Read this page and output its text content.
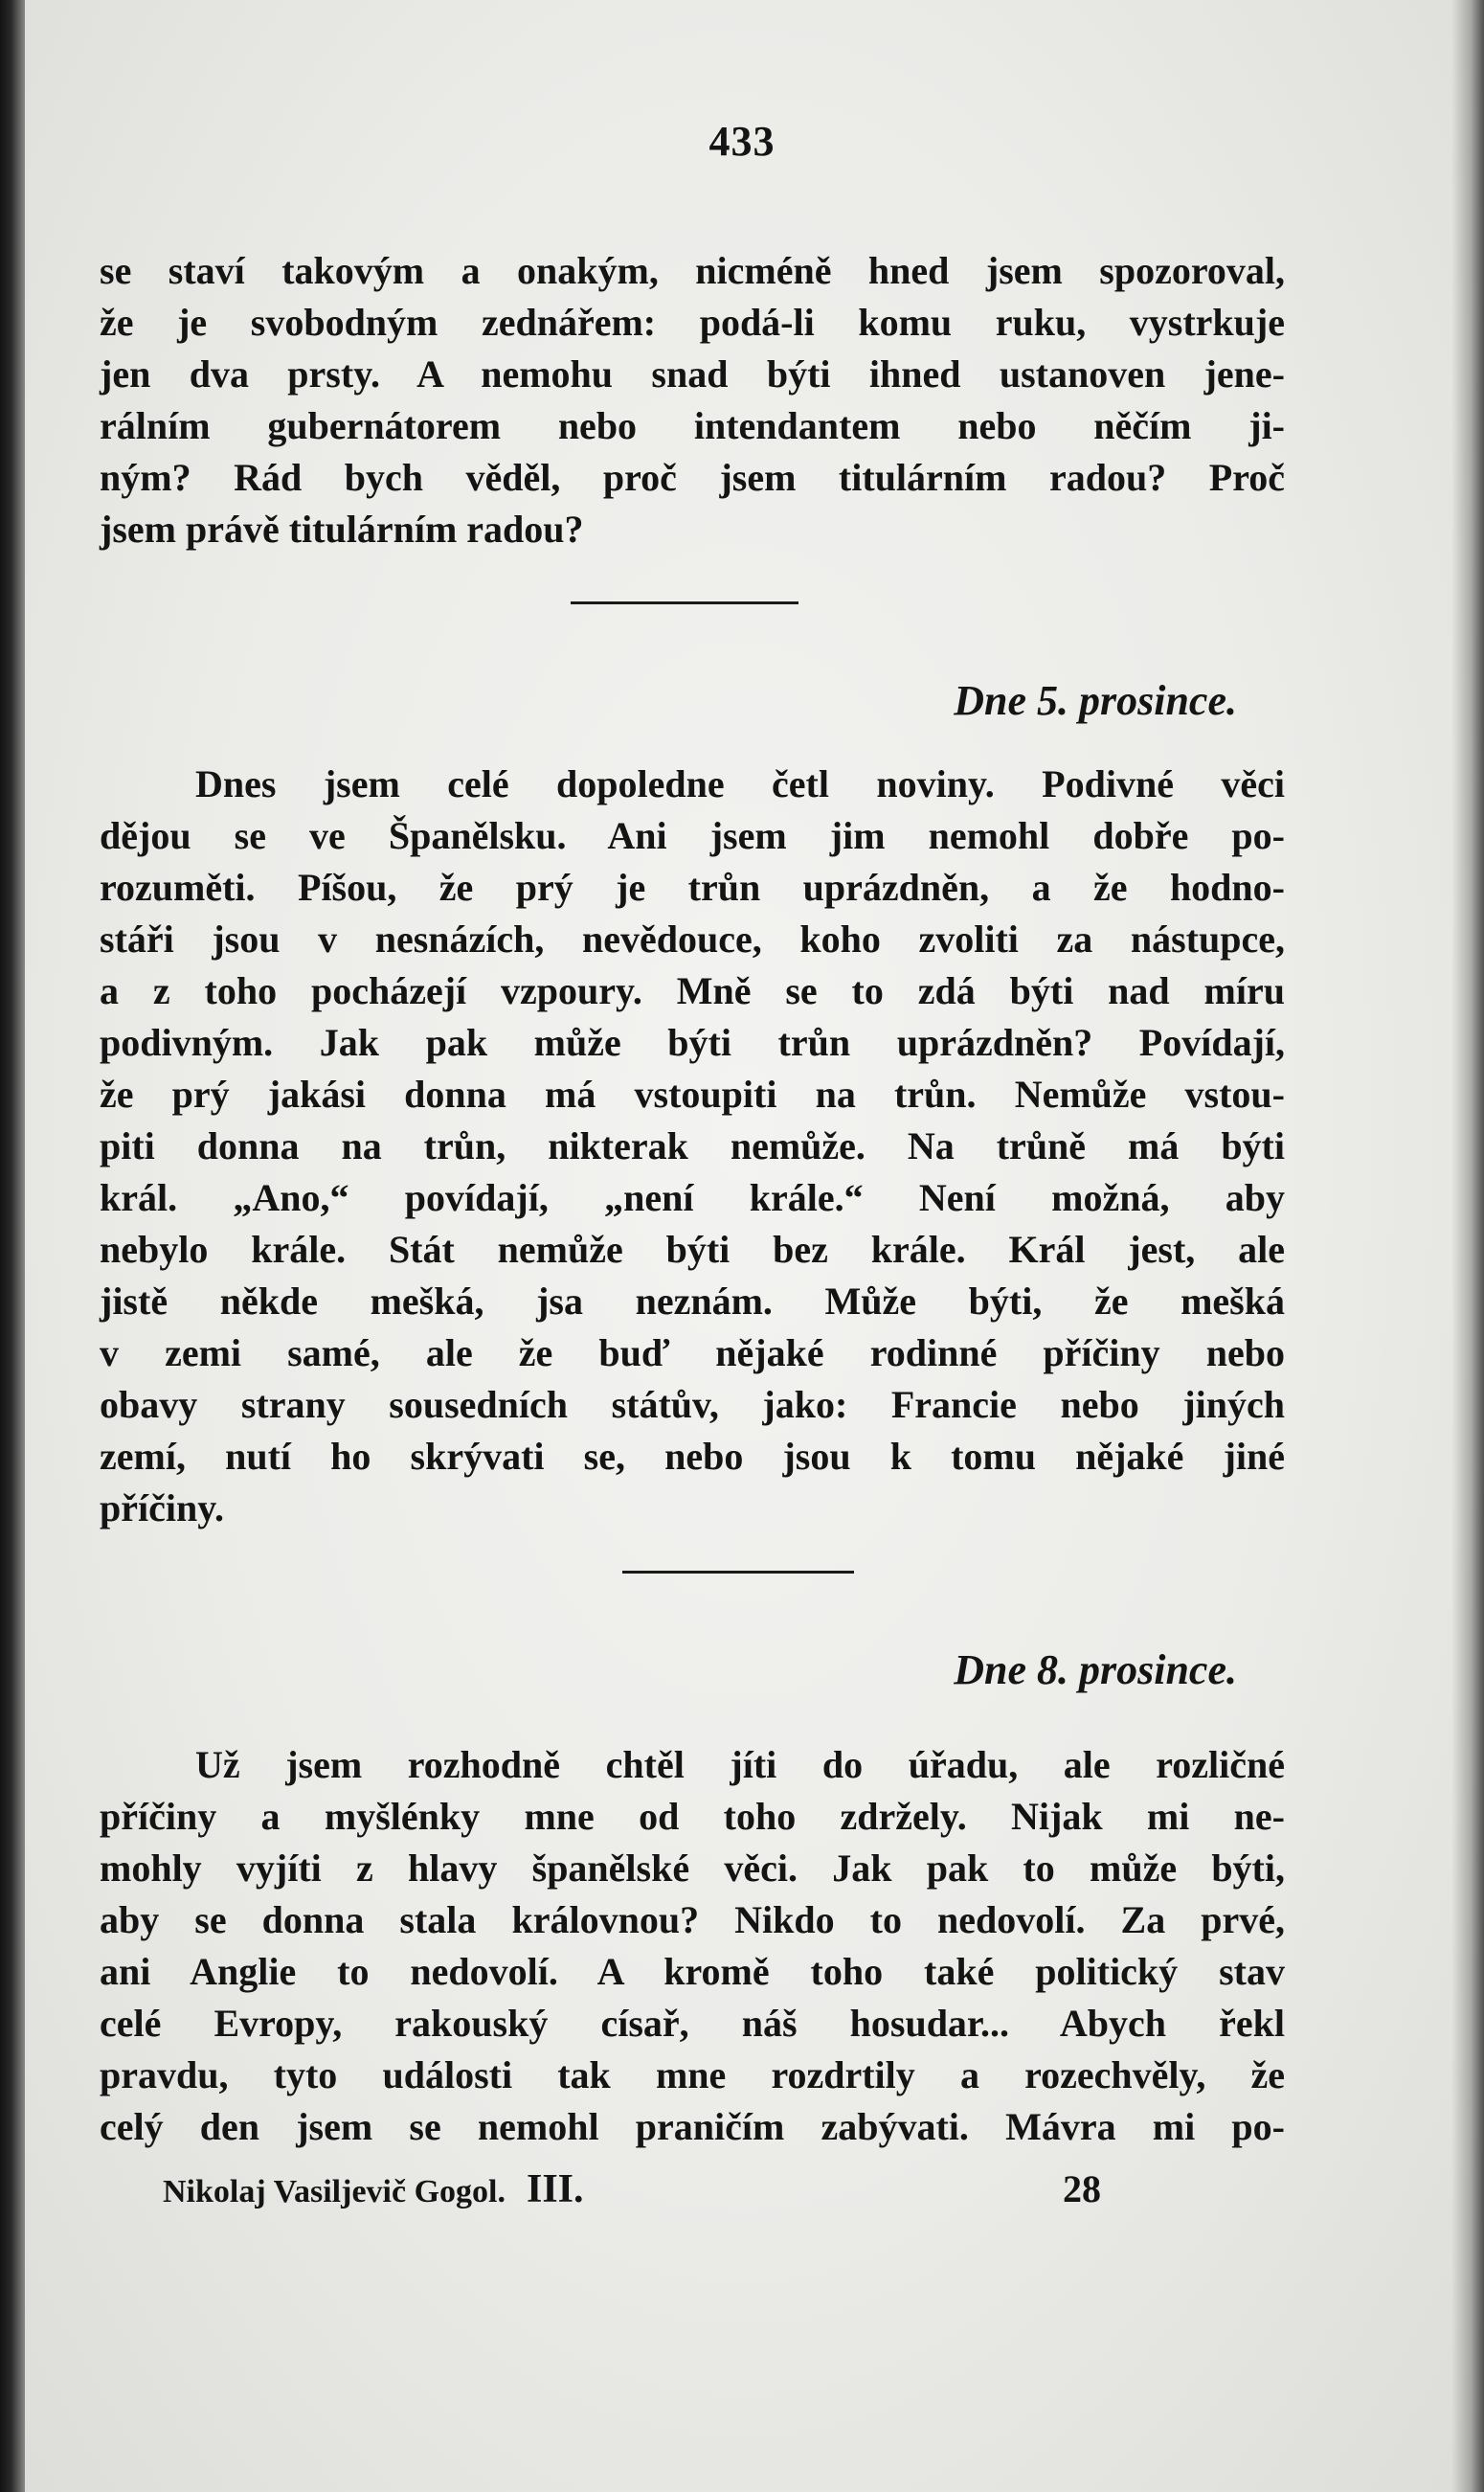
433
se staví takovým a onakým, nicméně hned jsem spozoroval,
že je svobodným zednářem: podá-li komu ruku, vystrkuje
jen dva prsty. A nemohu snad býti ihned ustanoven jene-
rálním gubernátorem nebo intendantem nebo něčím ji-
ným? Rád bych věděl, proč jsem titulárním radou? Proč
jsem právě titulárním radou?
Dne 5. prosince.
Dnes jsem celé dopoledne četl noviny. Podivné věci
dějou se ve Španělsku. Ani jsem jim nemohl dobře po-
rozuměti. Píšou, že prý je trůn uprázdněn, a že hodno-
stáři jsou v nesnázích, nevědouce, koho zvoliti za nástupce,
a z toho pocházejí vzpoury. Mně se to zdá býti nad míru
podivným. Jak pak může býti trůn uprázdněn? Povídají,
že prý jakási donna má vstoupiti na trůn. Nemůže vstou-
piti donna na trůn, nikterak nemůže. Na trůně má býti
král. „Ano,“ povídají, „není krále.“ Není možná, aby
nebylo krále. Stát nemůže býti bez krále. Král jest, ale
jistě někde mešká, jsa neznám. Může býti, že mešká
v zemi samé, ale že buď nějaké rodinné příčiny nebo
obavy strany sousedních státův, jako: Francie nebo jiných
zemí, nutí ho skrývati se, nebo jsou k tomu nějaké jiné
příčiny.
Dne 8. prosince.
Už jsem rozhodně chtěl jíti do úřadu, ale rozličné
příčiny a myšlénky mne od toho zdržely. Nijak mi ne-
mohly vyjíti z hlavy španělské věci. Jak pak to může býti,
aby se donna stala královnou? Nikdo to nedovolí. Za prvé,
ani Anglie to nedovolí. A kromě toho také politický stav
celé Evropy, rakouský císař, náš hosudar... Abych řekl
pravdu, tyto události tak mne rozdrtily a rozechvěly, že
celý den jsem se nemohl praničím zabývati. Mávra mi po-
Nikolaj Vasiljevič Gogol. III.	28
